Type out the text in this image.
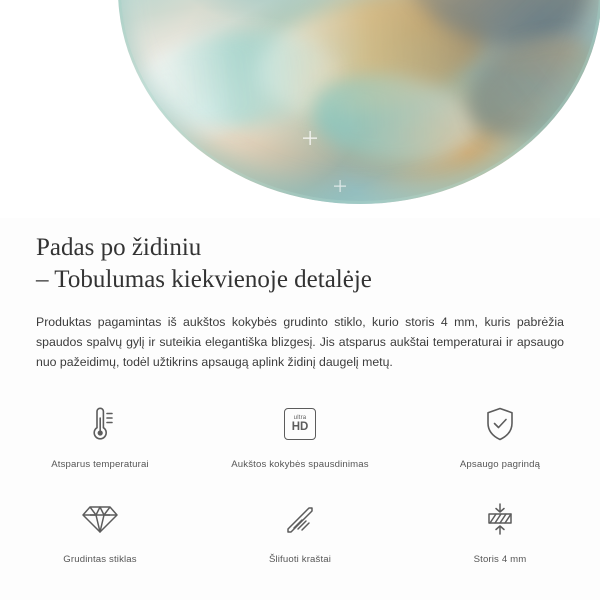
Padas po židiniu
– Tobulumas kiekvienoje detalėje

Produktas pagamintas iš aukštos kokybės grudinto stiklo, kurio storis 4 mm, kuris pabrėžia spaudos spalvų gylį ir suteikia elegantiška blizgesį. Jis atsparus aukštai temperaturai ir apsaugo nuo pažeidimų, todėl užtikrins apsaugą aplink židinį daugelį metų.

Atsparus temperaturai
ultra
HD
Aukštos kokybės spausdinimas	Apsaugo pagrindą
Grudintas stiklas	Šlifuoti kraštai	Storis 4 mm
